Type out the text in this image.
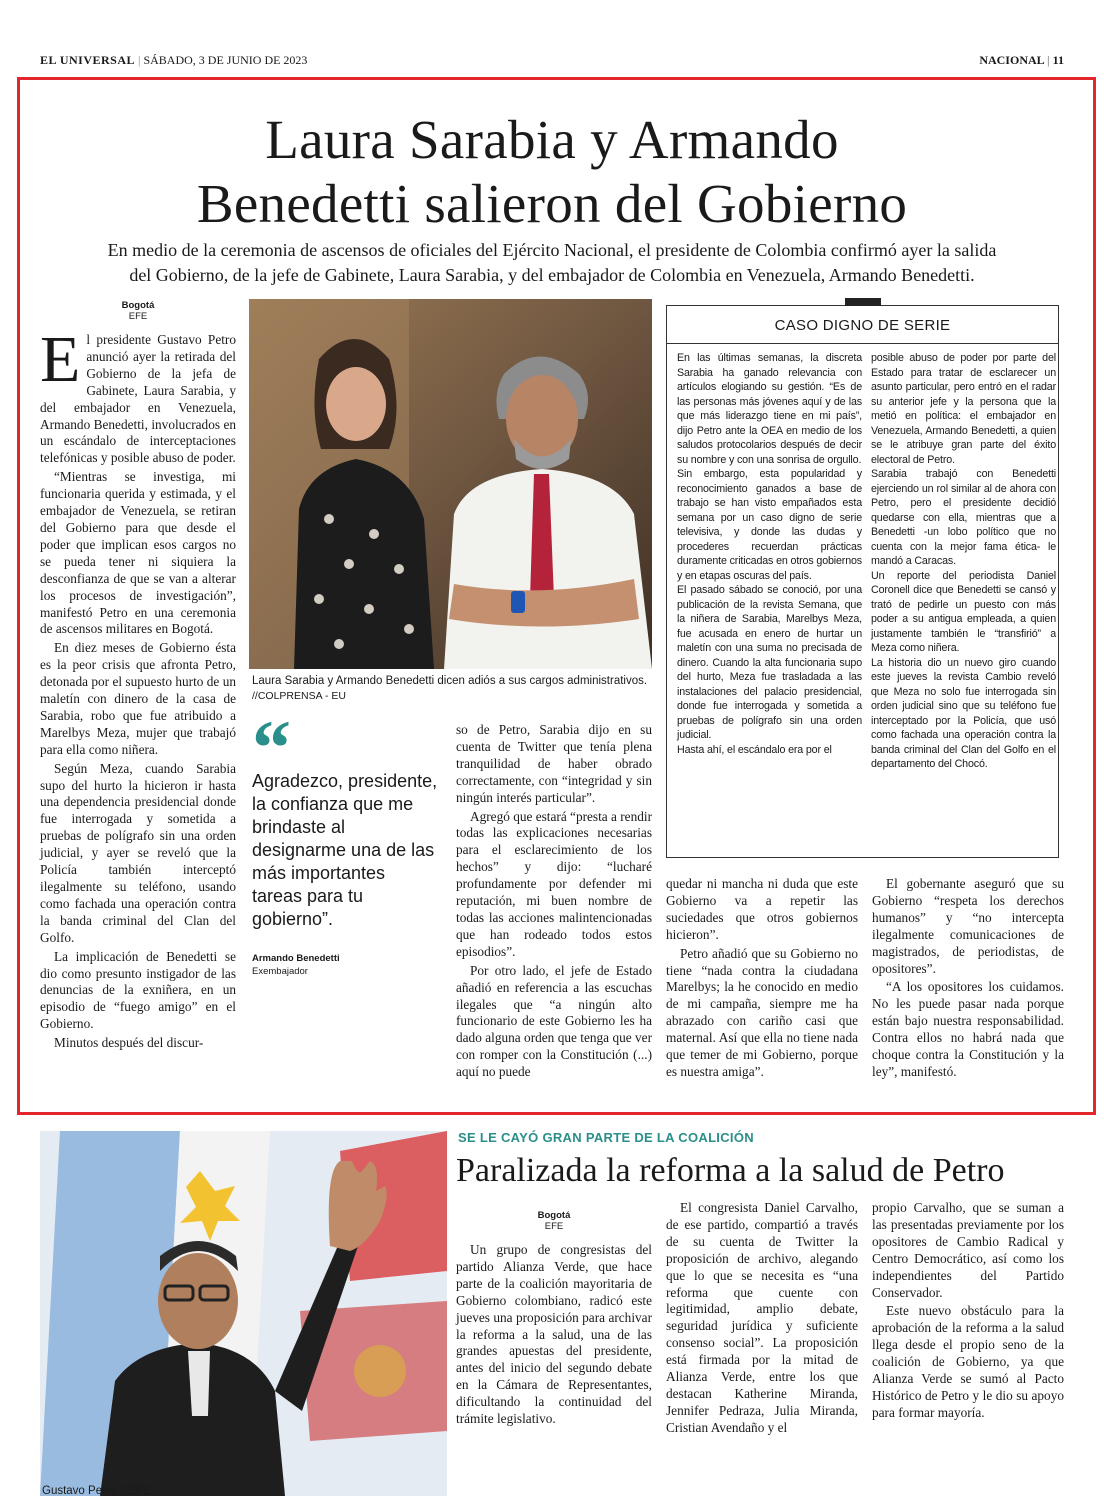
EL UNIVERSAL | SÁBADO, 3 DE JUNIO DE 2023	NACIONAL | 11
Laura Sarabia y Armando
Benedetti salieron del Gobierno
En medio de la ceremonia de ascensos de oficiales del Ejército Nacional, el presidente de Colombia confirmó ayer la salida
del Gobierno, de la jefe de Gabinete, Laura Sarabia, y del embajador de Colombia en Venezuela, Armando Benedetti.
Bogotá
EFE

El presidente Gustavo Petro anunció ayer la retirada del Gobierno de la jefa de Gabinete, Laura Sarabia, y del embajador en Venezuela, Armando Benedetti, involucrados en un escándalo de interceptaciones telefónicas y posible abuso de poder.

“Mientras se investiga, mi funcionaria querida y estimada, y el embajador de Venezuela, se retiran del Gobierno para que desde el poder que implican esos cargos no se pueda tener ni siquiera la desconfianza de que se van a alterar los procesos de investigación”, manifestó Petro en una ceremonia de ascensos militares en Bogotá.

En diez meses de Gobierno ésta es la peor crisis que afronta Petro, detonada por el supuesto hurto de un maletín con dinero de la casa de Sarabia, robo que fue atribuido a Marelbys Meza, mujer que trabajó para ella como niñera.

Según Meza, cuando Sarabia supo del hurto la hicieron ir hasta una dependencia presidencial donde fue interrogada y sometida a pruebas de polígrafo sin una orden judicial, y ayer se reveló que la Policía también interceptó ilegalmente su teléfono, usando como fachada una operación contra la banda criminal del Clan del Golfo.

La implicación de Benedetti se dio como presunto instigador de las denuncias de la exniñera, en un episodio de “fuego amigo” en el Gobierno.

Minutos después del discur-

Laura Sarabia y Armando Benedetti dicen adiós a sus cargos administrativos. //COLPRENSA - EU
“
Agradezco, presidente, la confianza que me brindaste al designarme una de las más importantes tareas para tu gobierno”.
Armando Benedetti
Exembajador

so de Petro, Sarabia dijo en su cuenta de Twitter que tenía plena tranquilidad de haber obrado correctamente, con “integridad y sin ningún interés particular”.

Agregó que estará “presta a rendir todas las explicaciones necesarias para el esclarecimiento de los hechos” y dijo: “lucharé profundamente por defender mi reputación, mi buen nombre de todas las acciones malintencionadas que han rodeado todos estos episodios”.

Por otro lado, el jefe de Estado añadió en referencia a las escuchas ilegales que “a ningún alto funcionario de este Gobierno les ha dado alguna orden que tenga que ver con romper con la Constitución (...) aquí no puede

quedar ni mancha ni duda que este Gobierno va a repetir las suciedades que otros gobiernos hicieron”.

Petro añadió que su Gobierno no tiene “nada contra la ciudadana Marelbys; la he conocido en medio de mi campaña, siempre me ha abrazado con cariño casi que maternal. Así que ella no tiene nada que temer de mi Gobierno, porque es nuestra amiga”.

El gobernante aseguró que su Gobierno “respeta los derechos humanos” y “no intercepta ilegalmente comunicaciones de magistrados, de periodistas, de opositores”.

“A los opositores los cuidamos. No les puede pasar nada porque están bajo nuestra responsabilidad. Contra ellos no habrá nada que choque contra la Constitución y la ley”, manifestó.

CASO DIGNO DE SERIE

En las últimas semanas, la discreta Sarabia ha ganado relevancia con artículos elogiando su gestión. “Es de las personas más jóvenes aquí y de las que más liderazgo tiene en mi país”, dijo Petro ante la OEA en medio de los saludos protocolarios después de decir su nombre y con una sonrisa de orgullo.

Sin embargo, esta popularidad y reconocimiento ganados a base de trabajo se han visto empañados esta semana por un caso digno de serie televisiva, y donde las dudas y procederes recuerdan prácticas duramente criticadas en otros gobiernos y en etapas oscuras del país.

El pasado sábado se conoció, por una publicación de la revista Semana, que la niñera de Sarabia, Marelbys Meza, fue acusada en enero de hurtar un maletín con una suma no precisada de dinero. Cuando la alta funcionaria supo del hurto, Meza fue trasladada a las instalaciones del palacio presidencial, donde fue interrogada y sometida a pruebas de polígrafo sin una orden judicial.

Hasta ahí, el escándalo era por el

posible abuso de poder por parte del Estado para tratar de esclarecer un asunto particular, pero entró en el radar su anterior jefe y la persona que la metió en política: el embajador en Venezuela, Armando Benedetti, a quien se le atribuye gran parte del éxito electoral de Petro.

Sarabia trabajó con Benedetti ejerciendo un rol similar al de ahora con Petro, pero el presidente decidió quedarse con ella, mientras que a Benedetti -un lobo político que no cuenta con la mejor fama ética- le mandó a Caracas.

Un reporte del periodista Daniel Coronell dice que Benedetti se cansó y trató de pedirle un puesto con más poder a su antigua empleada, a quien justamente también le “transfirió” a Meza como niñera.

La historia dio un nuevo giro cuando este jueves la revista Cambio reveló que Meza no solo fue interrogada sin orden judicial sino que su teléfono fue interceptado por la Policía, que usó como fachada una operación contra la banda criminal del Clan del Golfo en el departamento del Chocó.

Gustavo Petro. //EFE
SE LE CAYÓ GRAN PARTE DE LA COALICIÓN
Paralizada la reforma a la salud de Petro
Bogotá
EFE

Un grupo de congresistas del partido Alianza Verde, que hace parte de la coalición mayoritaria de Gobierno colombiano, radicó este jueves una proposición para archivar la reforma a la salud, una de las grandes apuestas del presidente, antes del inicio del segundo debate en la Cámara de Representantes, dificultando la continuidad del trámite legislativo.

El congresista Daniel Carvalho, de ese partido, compartió a través de su cuenta de Twitter la proposición de archivo, alegando que lo que se necesita es “una reforma que cuente con legitimidad, amplio debate, seguridad jurídica y suficiente consenso social”. La proposición está firmada por la mitad de Alianza Verde, entre los que destacan Katherine Miranda, Jennifer Pedraza, Julia Miranda, Cristian Avendaño y el

propio Carvalho, que se suman a las presentadas previamente por los opositores de Cambio Radical y Centro Democrático, así como los independientes del Partido Conservador.

Este nuevo obstáculo para la aprobación de la reforma a la salud llega desde el propio seno de la coalición de Gobierno, ya que Alianza Verde se sumó al Pacto Histórico de Petro y le dio su apoyo para formar mayoría.
